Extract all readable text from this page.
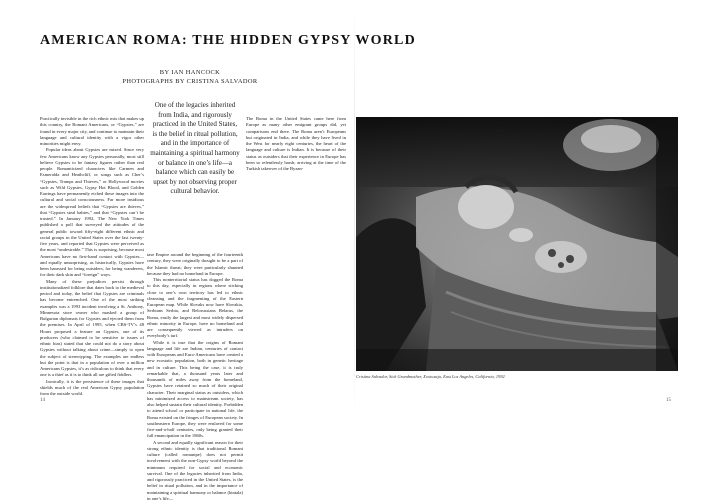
AMERICAN ROMA: THE HIDDEN GYPSY WORLD
BY IAN HANCOCK
PHOTOGRAPHS BY CRISTINA SALVADOR

Practically invisible in the rich ethnic mix that makes up this country, the Romani Americans, or “Gypsies,” are found in every major city, and continue to maintain their language and cultural identity with a vigor other minorities might envy.

Popular ideas about Gypsies are mixed. Since very few Americans know any Gypsies personally, most still believe Gypsies to be fantasy figures rather than real people. Romanticized characters like Carmen and Esmeralda and Heathcliff, or songs such as Cher’s “Gypsies, Tramps and Thieves,” or Hollywood movies such as Wild Gypsies, Gypsy Hot Blood, and Golden Earrings have permanently etched these images into the cultural and social consciousness. Far more insidious are the widespread beliefs that “Gypsies are thieves,” that “Gypsies steal babies,” and that “Gypsies can’t be trusted.” In January 1992, The New York Times published a poll that surveyed the attitudes of the general public toward fifty-eight different ethnic and racial groups in the United States over the last twenty-five years, and reported that Gypsies were perceived as the most “undesirable.” This is surprising, because most Americans have no first-hand contact with Gypsies—and equally unsurprising, as historically, Gypsies have been harassed for being outsiders, for being wanderers, for their dark skin and “foreign” ways.

Many of these prejudices persist through institutionalized folklore that dates back to the medieval period and today, the belief that Gypsies are criminals has become entrenched. One of the most striking examples was a 1993 incident involving a St. Anthony, Minnesota store owner who masked a group of Bulgarian diplomats for Gypsies and ejected them from the premises. In April of 1995, when CBS-TV’s 48 Hours proposed a feature on Gypsies, one of its producers (who claimed to be sensitive to issues of ethnic bias) stated that she could not do a story about Gypsies without talking about crime—simply to open the subject of stereotyping. The examples are endless but the point is that in a population of over a million Americans Gypsies, it’s as ridiculous to think that every one is a thief as it is to think all are gifted fiddlers.

Ironically, it is the persistence of these images that shields much of the real American Gypsy population from the outside world.

One of the legacies inherited from India, and rigorously practiced in the United States, is the belief in ritual pollution, and in the importance of maintaining a spiritual harmony or balance in one’s life—a balance which can easily be upset by not observing proper cultural behavior.

tase Empire around the beginning of the fourteenth century, they were originally thought to be a part of the Islamic threat; they were particularly shunned because they had no homeland in Europe.

This nonterritorial status has dogged the Roma to this day, especially in regions where sticking close to one’s own territory has led to ethnic cleansing and the fragmenting of the Eastern European map. While Slovaks now have Slovakia, Serbians Serbia, and Belorussians Belarus, the Roma, easily the largest and most widely dispersed ethnic minority in Europe, have no homeland and are consequently viewed as intruders on everybody’s turf.

While it is true that the origins of Romani language and life are Indian, centuries of contact with Europeans and Euro-Americans have created a new ecostatic population, both in genetic heritage and in culture. This being the case, it is truly remarkable that, a thousand years later and thousands of miles away from the homeland, Gypsies have retained so much of their original character. Their marginal status as outsiders, which has minimized access to mainstream society, has also helped sustain their cultural identity. Forbidden to attend school or participate in national life, the Roma existed on the fringes of European society. In southeastern Europe, they were enslaved for some five-and-a-half centuries, only being granted their full emancipation in the 1860s.

A second and equally significant reason for their strong ethnic identity is that traditional Romani culture (called romanipe) does not permit involvement with the non-Gypsy world beyond the minimum required for social and economic survival. One of the legacies inherited from India, and rigorously practiced in the United States, is the belief in ritual pollution, and in the importance of maintaining a spiritual harmony or balance (kintala) in one’s life—

The Roma in the United States came here from Europe as many other emigrant groups did, yet comparisons end there. The Roma aren’t Europeans but originated in India, and while they have lived in the West for nearly eight centuries, the heart of the language and culture is Indian. It is because of their status as outsiders that their experience in Europe has been so relentlessly harsh; arriving at the time of the Turkish takeover of the Byzan-

Cristina Salvador, Sick Grandmother, Xoxtoxaja, East Los Angeles, California, 1992
14	15
